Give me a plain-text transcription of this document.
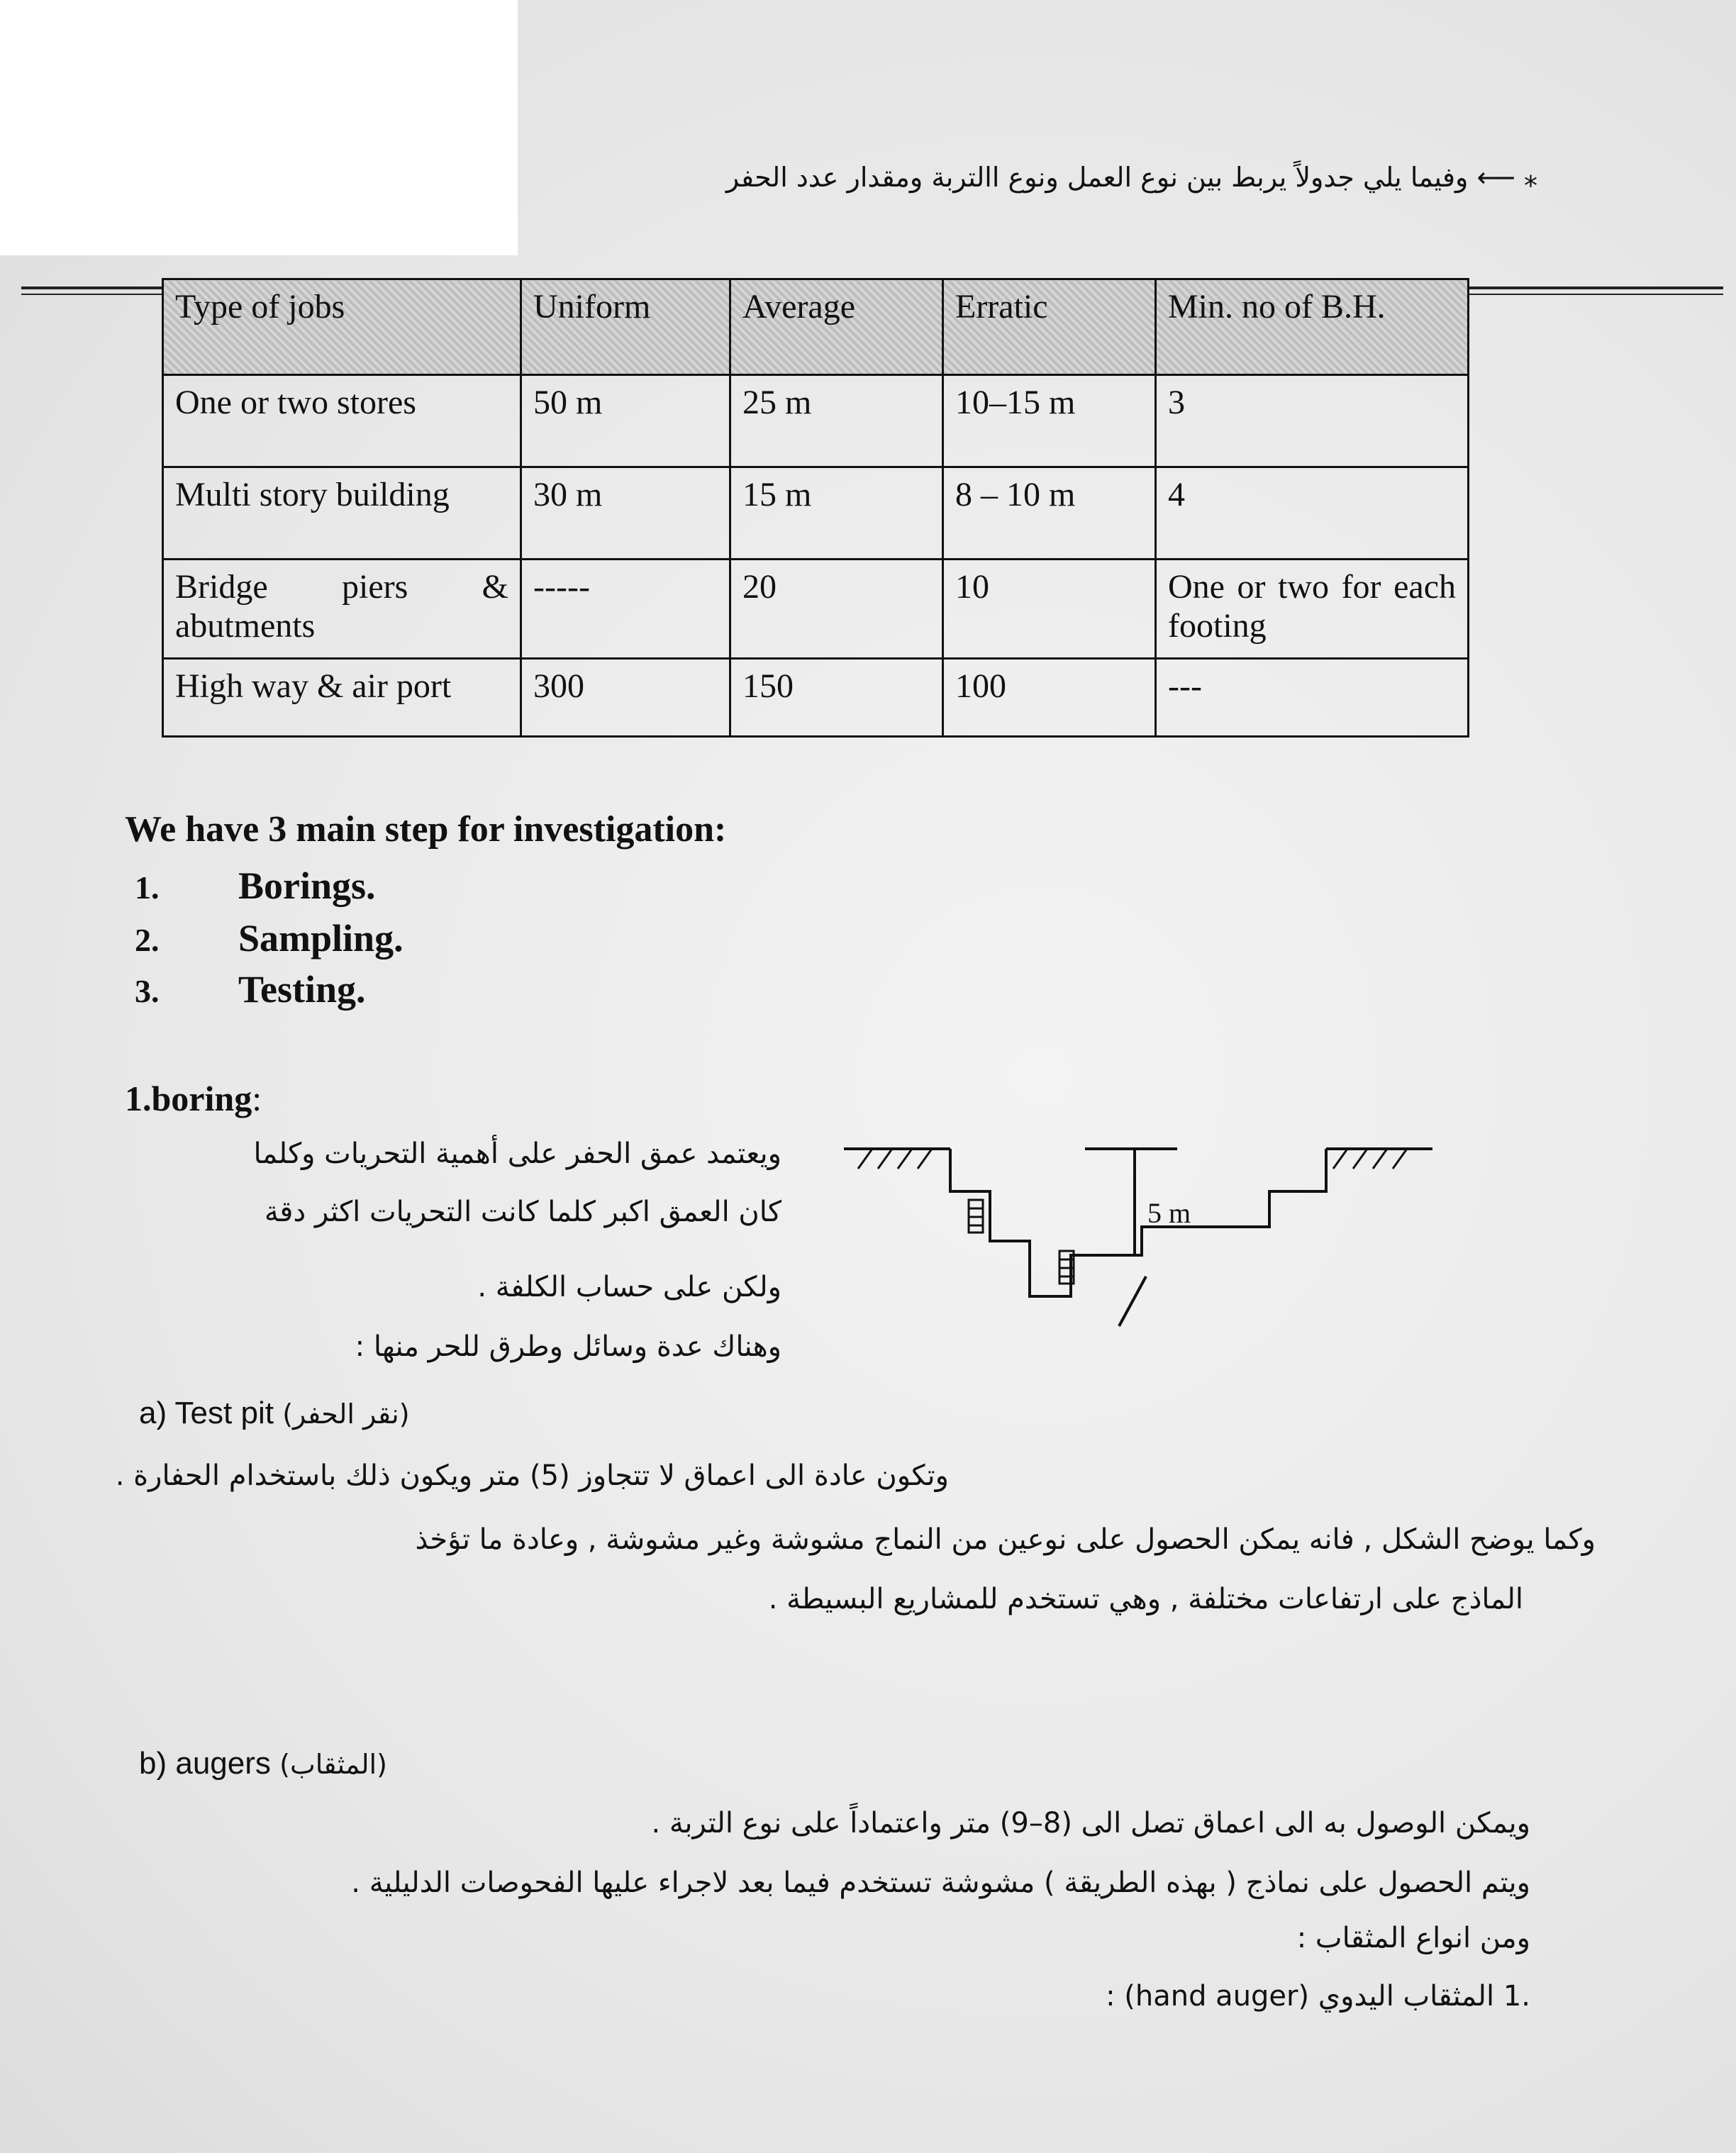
⁎ ⟵ وفيما يلي جدولاً يربط بين نوع العمل ونوع االتربة ومقدار عدد الحفر
Type of jobs	Uniform	Average	Erratic	Min. no of B.H.
One or two stores	50 m	25 m	10–15 m	3
Multi story building	30 m	15 m	8 – 10 m	4
Bridge piers & abutments	-----	20	10	One or two for each footing
High way & air port	300	150	100	---
We have 3 main step for investigation:
1. Borings.
2. Sampling.
3. Testing.
1.boring:
ويعتمد عمق الحفر على أهمية التحريات وكلما
كان العمق اكبر كلما كانت التحريات اكثر دقة
ولكن على حساب الكلفة .
وهناك عدة وسائل وطرق للحر منها :
5 m
a) Test pit (نقر الحفر)
وتكون عادة الى اعماق لا تتجاوز (5) متر ويكون ذلك باستخدام الحفارة .
وكما يوضح الشكل , فانه يمكن الحصول على نوعين من النماج مشوشة وغير مشوشة , وعادة ما تؤخذ
الماذج على ارتفاعات مختلفة , وهي تستخدم للمشاريع البسيطة .
b) augers (المثقاب)
ويمكن الوصول به الى اعماق تصل الى (8–9) متر واعتماداً على نوع التربة .
ويتم الحصول على نماذج ( بهذه الطريقة ) مشوشة تستخدم فيما بعد لاجراء عليها الفحوصات الدليلية .
ومن انواع المثقاب :
.1 المثقاب اليدوي (hand auger) :
